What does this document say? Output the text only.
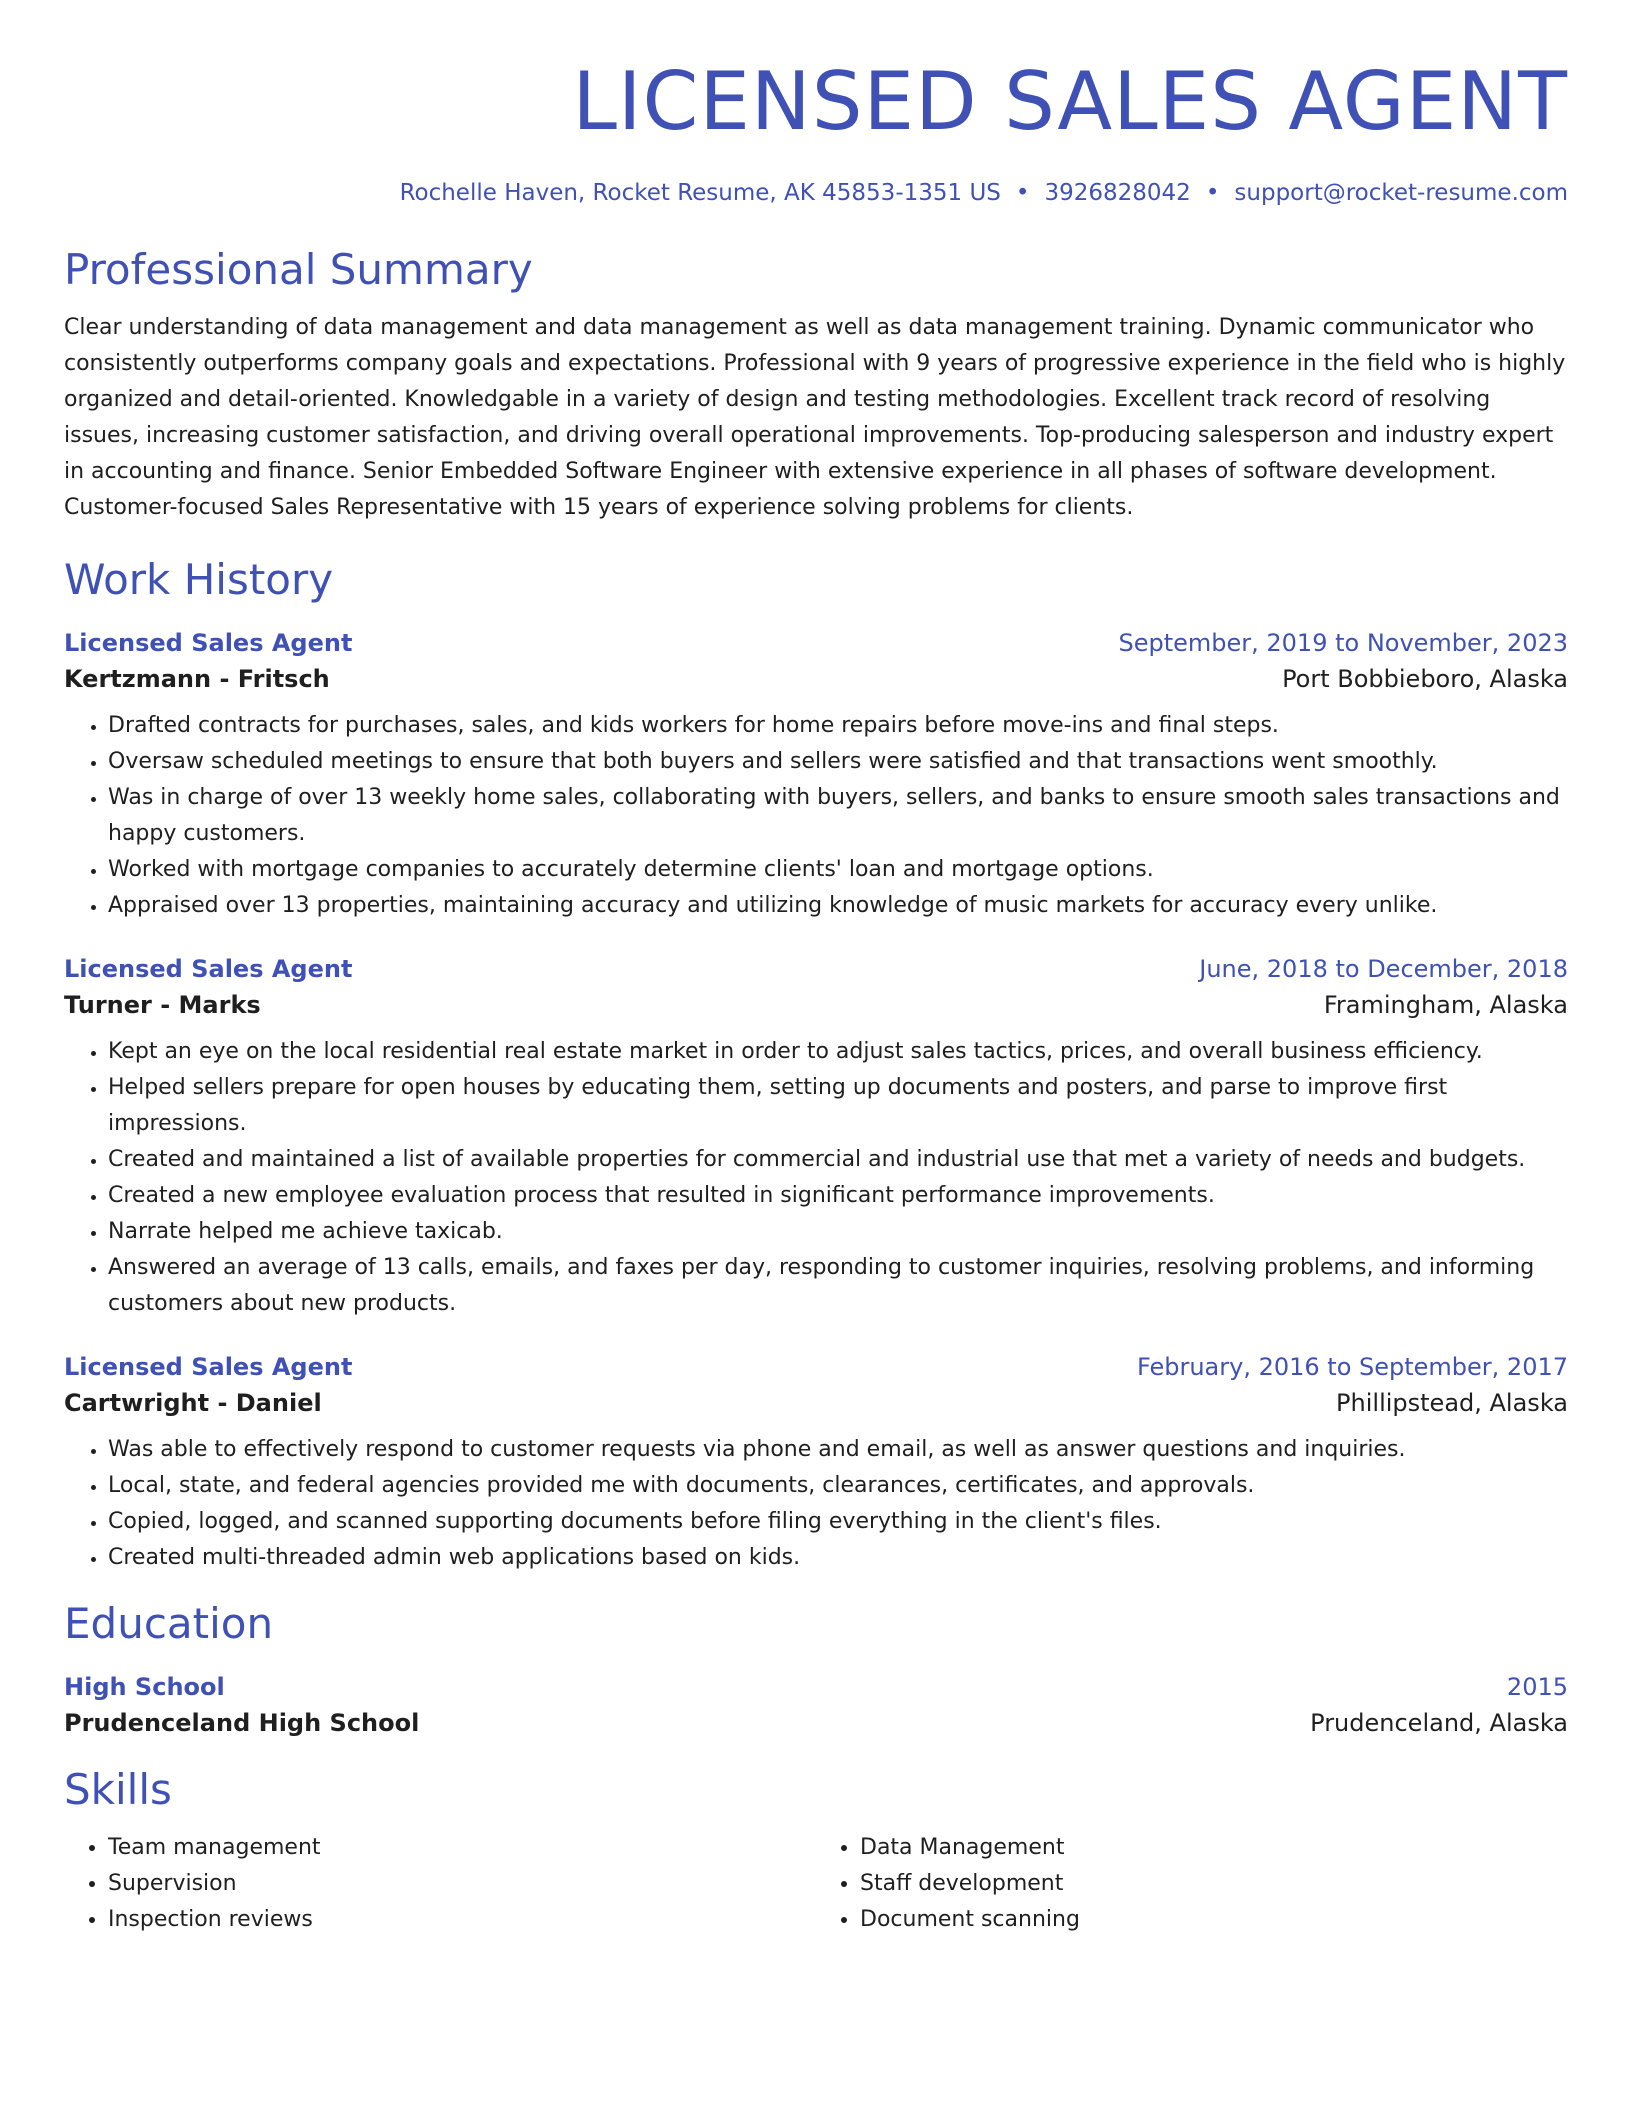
LICENSED SALES AGENT
Rochelle Haven, Rocket Resume, AK 45853-1351 US • 3926828042 • support@rocket-resume.com
Professional Summary

Clear understanding of data management and data management as well as data management training. Dynamic communicator who consistently outperforms company goals and expectations. Professional with 9 years of progressive experience in the field who is highly organized and detail-oriented. Knowledgable in a variety of design and testing methodologies. Excellent track record of resolving issues, increasing customer satisfaction, and driving overall operational improvements. Top-producing salesperson and industry expert in accounting and finance. Senior Embedded Software Engineer with extensive experience in all phases of software development. Customer-focused Sales Representative with 15 years of experience solving problems for clients.

Work History
Licensed Sales Agent	September, 2019 to November, 2023
Kertzmann - Fritsch	Port Bobbieboro, Alaska
• Drafted contracts for purchases, sales, and kids workers for home repairs before move-ins and final steps.
• Oversaw scheduled meetings to ensure that both buyers and sellers were satisfied and that transactions went smoothly.
• Was in charge of over 13 weekly home sales, collaborating with buyers, sellers, and banks to ensure smooth sales transactions and happy customers.
• Worked with mortgage companies to accurately determine clients' loan and mortgage options.
• Appraised over 13 properties, maintaining accuracy and utilizing knowledge of music markets for accuracy every unlike.
Licensed Sales Agent	June, 2018 to December, 2018
Turner - Marks	Framingham, Alaska
• Kept an eye on the local residential real estate market in order to adjust sales tactics, prices, and overall business efficiency.
• Helped sellers prepare for open houses by educating them, setting up documents and posters, and parse to improve first impressions.
• Created and maintained a list of available properties for commercial and industrial use that met a variety of needs and budgets.
• Created a new employee evaluation process that resulted in significant performance improvements.
• Narrate helped me achieve taxicab.
• Answered an average of 13 calls, emails, and faxes per day, responding to customer inquiries, resolving problems, and informing customers about new products.
Licensed Sales Agent	February, 2016 to September, 2017
Cartwright - Daniel	Phillipstead, Alaska
• Was able to effectively respond to customer requests via phone and email, as well as answer questions and inquiries.
• Local, state, and federal agencies provided me with documents, clearances, certificates, and approvals.
• Copied, logged, and scanned supporting documents before filing everything in the client's files.
• Created multi-threaded admin web applications based on kids.
Education
High School	2015
Prudenceland High School	Prudenceland, Alaska
Skills
• Team management
• Supervision
• Inspection reviews
• Data Management
• Staff development
• Document scanning
